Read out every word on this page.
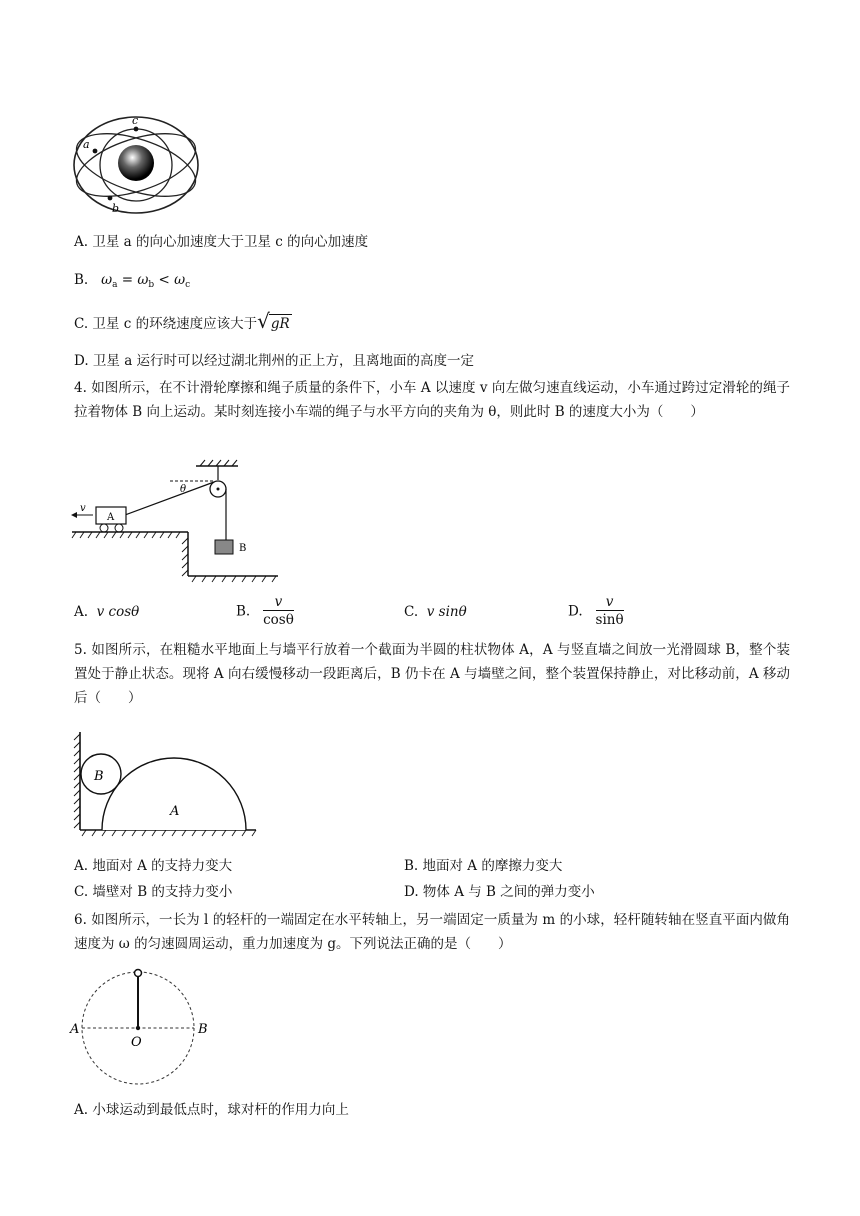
a
b
c
A. 卫星 a 的向心加速度大于卫星 c 的向心加速度
B. $\omega_a = \omega_b < \omega_c$
C. 卫星 c 的环绕速度应该大于√gR
D. 卫星 a 运行时可以经过湖北荆州的正上方，且离地面的高度一定
4. 如图所示，在不计滑轮摩擦和绳子质量的条件下，小车 A 以速度 v 向左做匀速直线运动，小车通过跨过定滑轮的绳子拉着物体 B 向上运动。某时刻连接小车端的绳子与水平方向的夹角为 θ，则此时 B 的速度大小为（　　）
B
θ
A
v
A. v cosθ	B. $\frac{v}{\cos\theta}$	C. v sinθ	D. $\frac{v}{\sin\theta}$
5. 如图所示，在粗糙水平地面上与墙平行放着一个截面为半圆的柱状物体 A，A 与竖直墙之间放一光滑圆球 B，整个装置处于静止状态。现将 A 向右缓慢移动一段距离后，B 仍卡在 A 与墙壁之间，整个装置保持静止，对比移动前，A 移动后（　　）
A
B
A. 地面对 A 的支持力变大	B. 地面对 A 的摩擦力变大
C. 墙壁对 B 的支持力变小	D. 物体 A 与 B 之间的弹力变小
6. 如图所示，一长为 l 的轻杆的一端固定在水平转轴上，另一端固定一质量为 m 的小球，轻杆随转轴在竖直平面内做角速度为 ω 的匀速圆周运动，重力加速度为 g。下列说法正确的是（　　）
A	B
O
A. 小球运动到最低点时，球对杆的作用力向上
